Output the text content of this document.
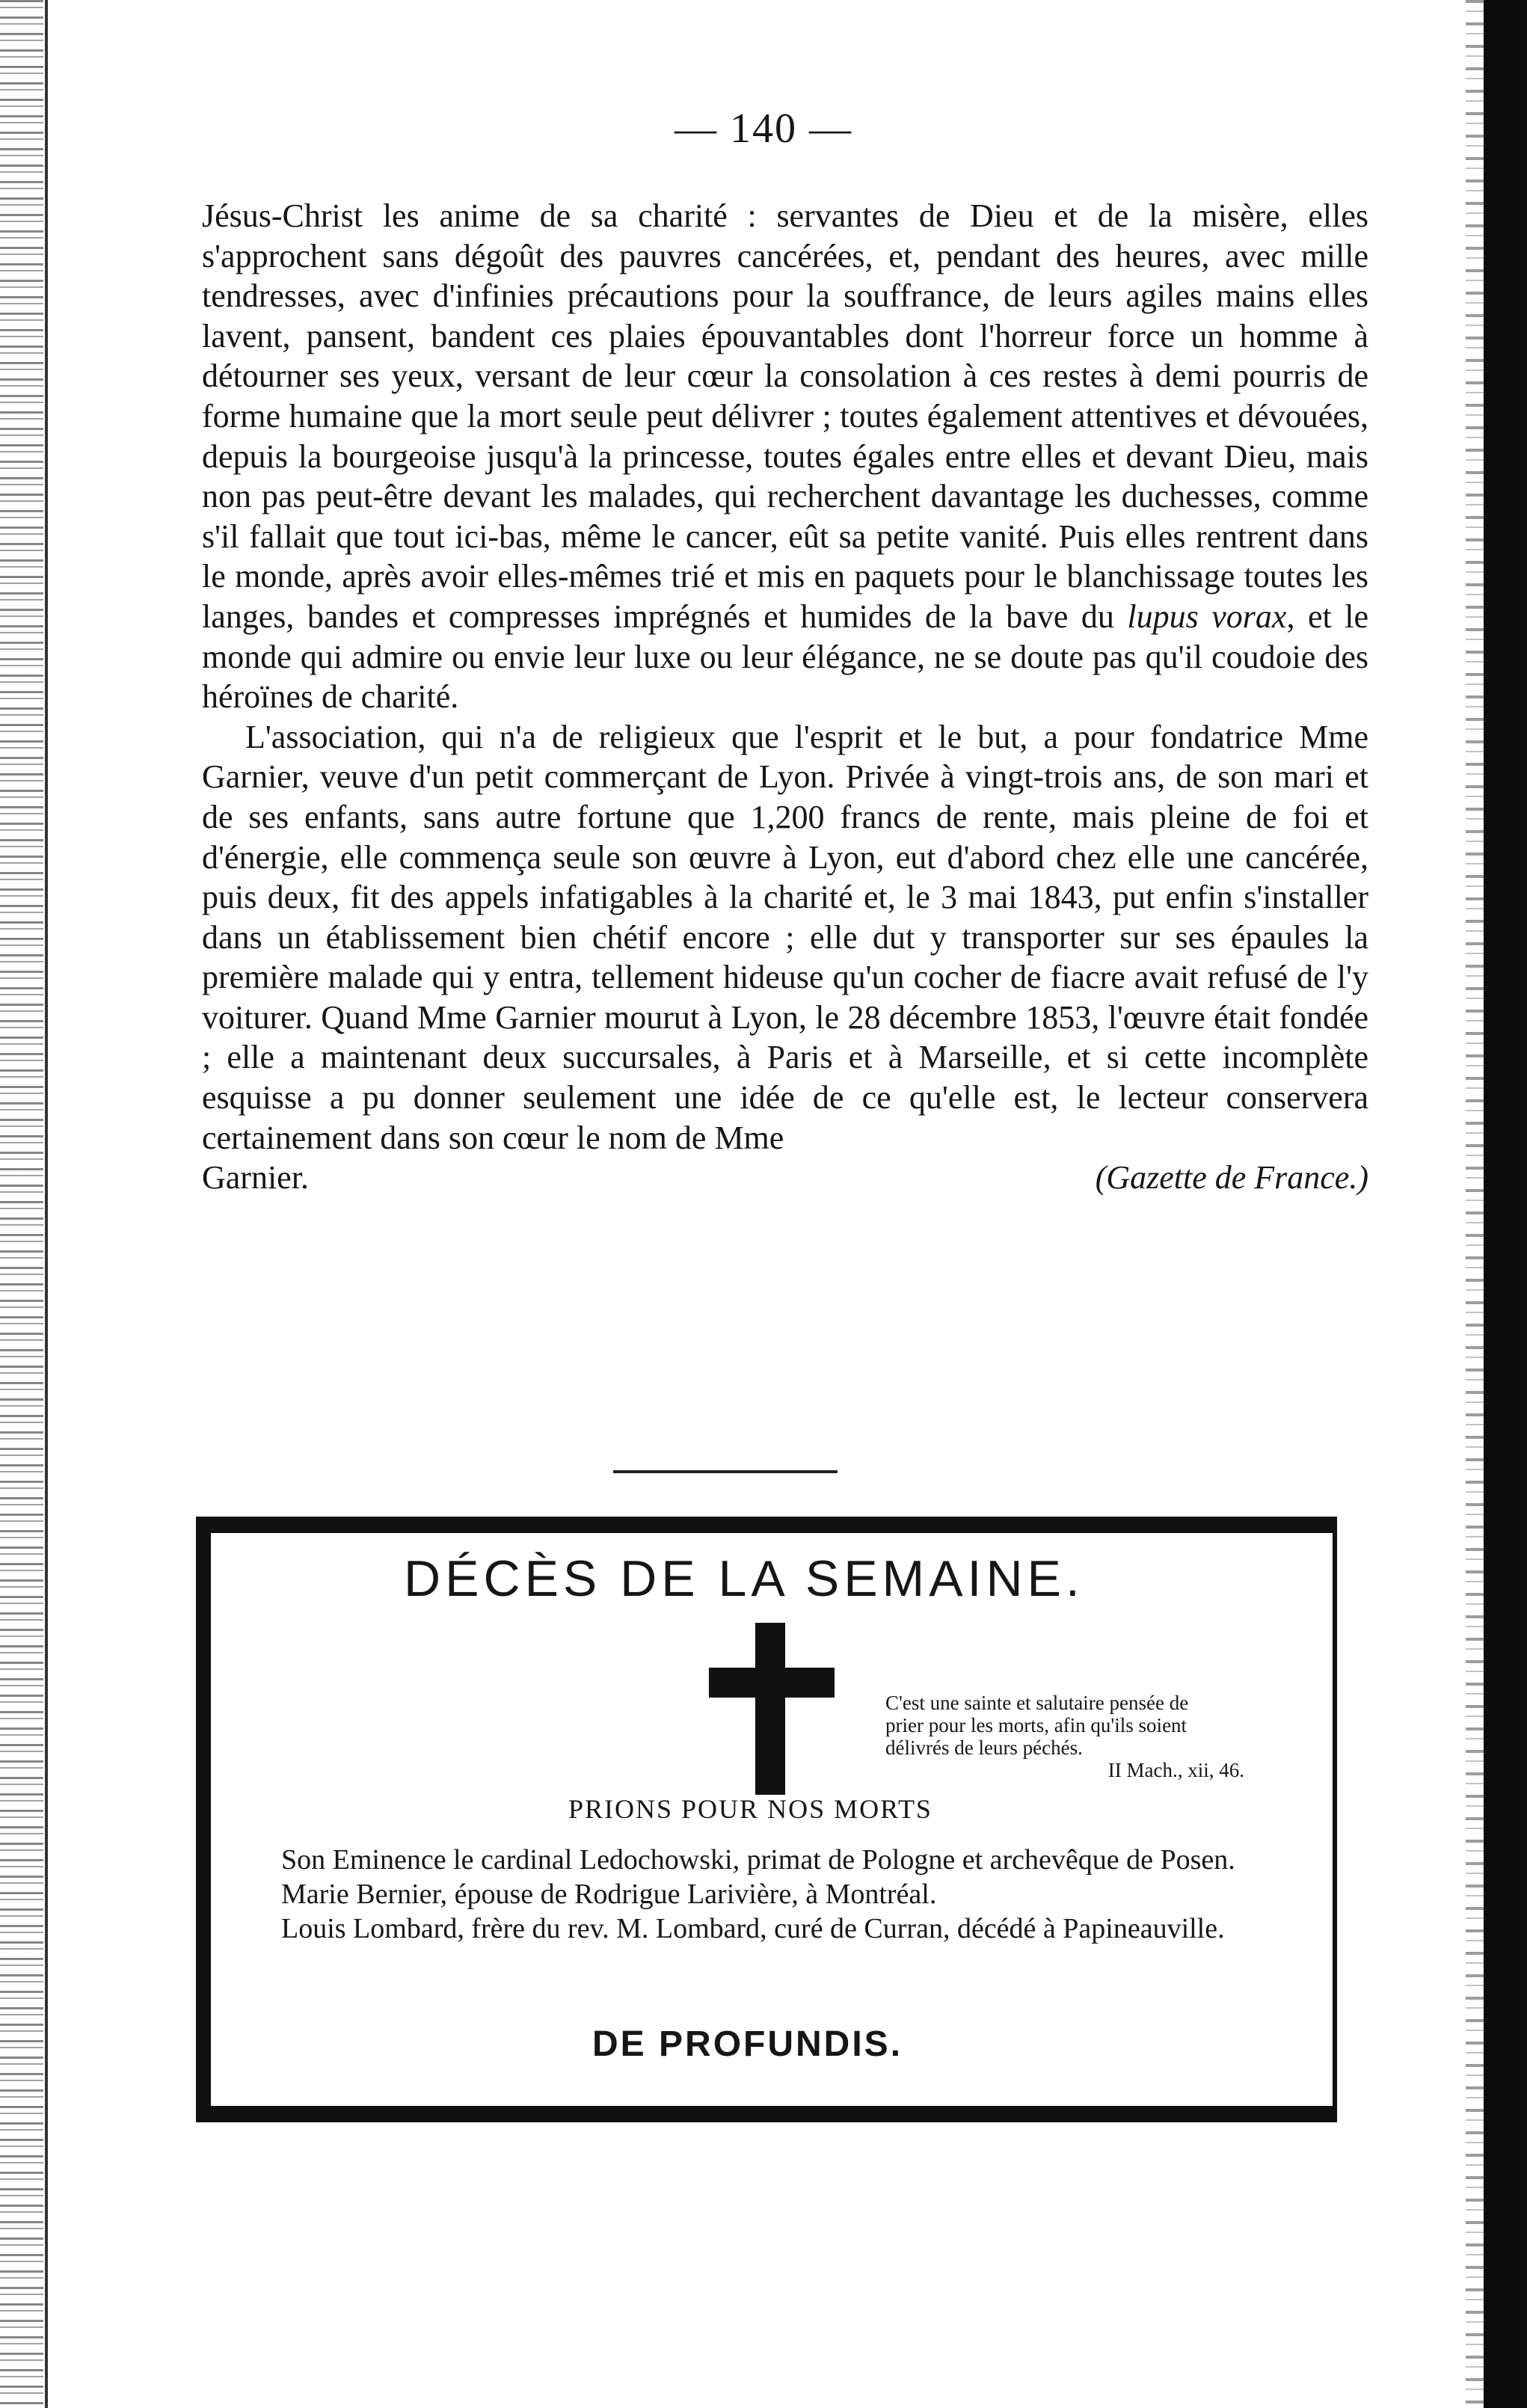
— 140 —

Jésus-Christ les anime de sa charité : servantes de Dieu et de la misère, elles s'approchent sans dégoût des pauvres cancérées, et, pendant des heures, avec mille tendresses, avec d'infinies précautions pour la souffrance, de leurs agiles mains elles lavent, pansent, bandent ces plaies épouvantables dont l'horreur force un homme à détourner ses yeux, versant de leur cœur la consolation à ces restes à demi pourris de forme humaine que la mort seule peut délivrer ; toutes également attentives et dévouées, depuis la bourgeoise jusqu'à la princesse, toutes égales entre elles et devant Dieu, mais non pas peut-être devant les malades, qui recherchent davantage les duchesses, comme s'il fallait que tout ici-bas, même le cancer, eût sa petite vanité. Puis elles rentrent dans le monde, après avoir elles-mêmes trié et mis en paquets pour le blanchissage toutes les langes, bandes et compresses imprégnés et humides de la bave du lupus vorax, et le monde qui admire ou envie leur luxe ou leur élégance, ne se doute pas qu'il coudoie des héroïnes de charité.

L'association, qui n'a de religieux que l'esprit et le but, a pour fondatrice Mme Garnier, veuve d'un petit commerçant de Lyon. Privée à vingt-trois ans, de son mari et de ses enfants, sans autre fortune que 1,200 francs de rente, mais pleine de foi et d'énergie, elle commença seule son œuvre à Lyon, eut d'abord chez elle une cancérée, puis deux, fit des appels infatigables à la charité et, le 3 mai 1843, put enfin s'installer dans un établissement bien chétif encore ; elle dut y transporter sur ses épaules la première malade qui y entra, tellement hideuse qu'un cocher de fiacre avait refusé de l'y voiturer. Quand Mme Garnier mourut à Lyon, le 28 décembre 1853, l'œuvre était fondée ; elle a maintenant deux succursales, à Paris et à Marseille, et si cette incomplète esquisse a pu donner seulement une idée de ce qu'elle est, le lecteur conservera certainement dans son cœur le nom de Mme

Garnier.	(Gazette de France.)
DÉCÈS DE LA SEMAINE.
C'est une sainte et salutaire pensée de
prier pour les morts, afin qu'ils soient
délivrés de leurs péchés.
II Mach., xii, 46.
PRIONS POUR NOS MORTS

Son Eminence le cardinal Ledochowski, primat de Pologne et archevêque de Posen.

Marie Bernier, épouse de Rodrigue Larivière, à Montréal.

Louis Lombard, frère du rev. M. Lombard, curé de Curran, décédé à Papineauville.

DE PROFUNDIS.
